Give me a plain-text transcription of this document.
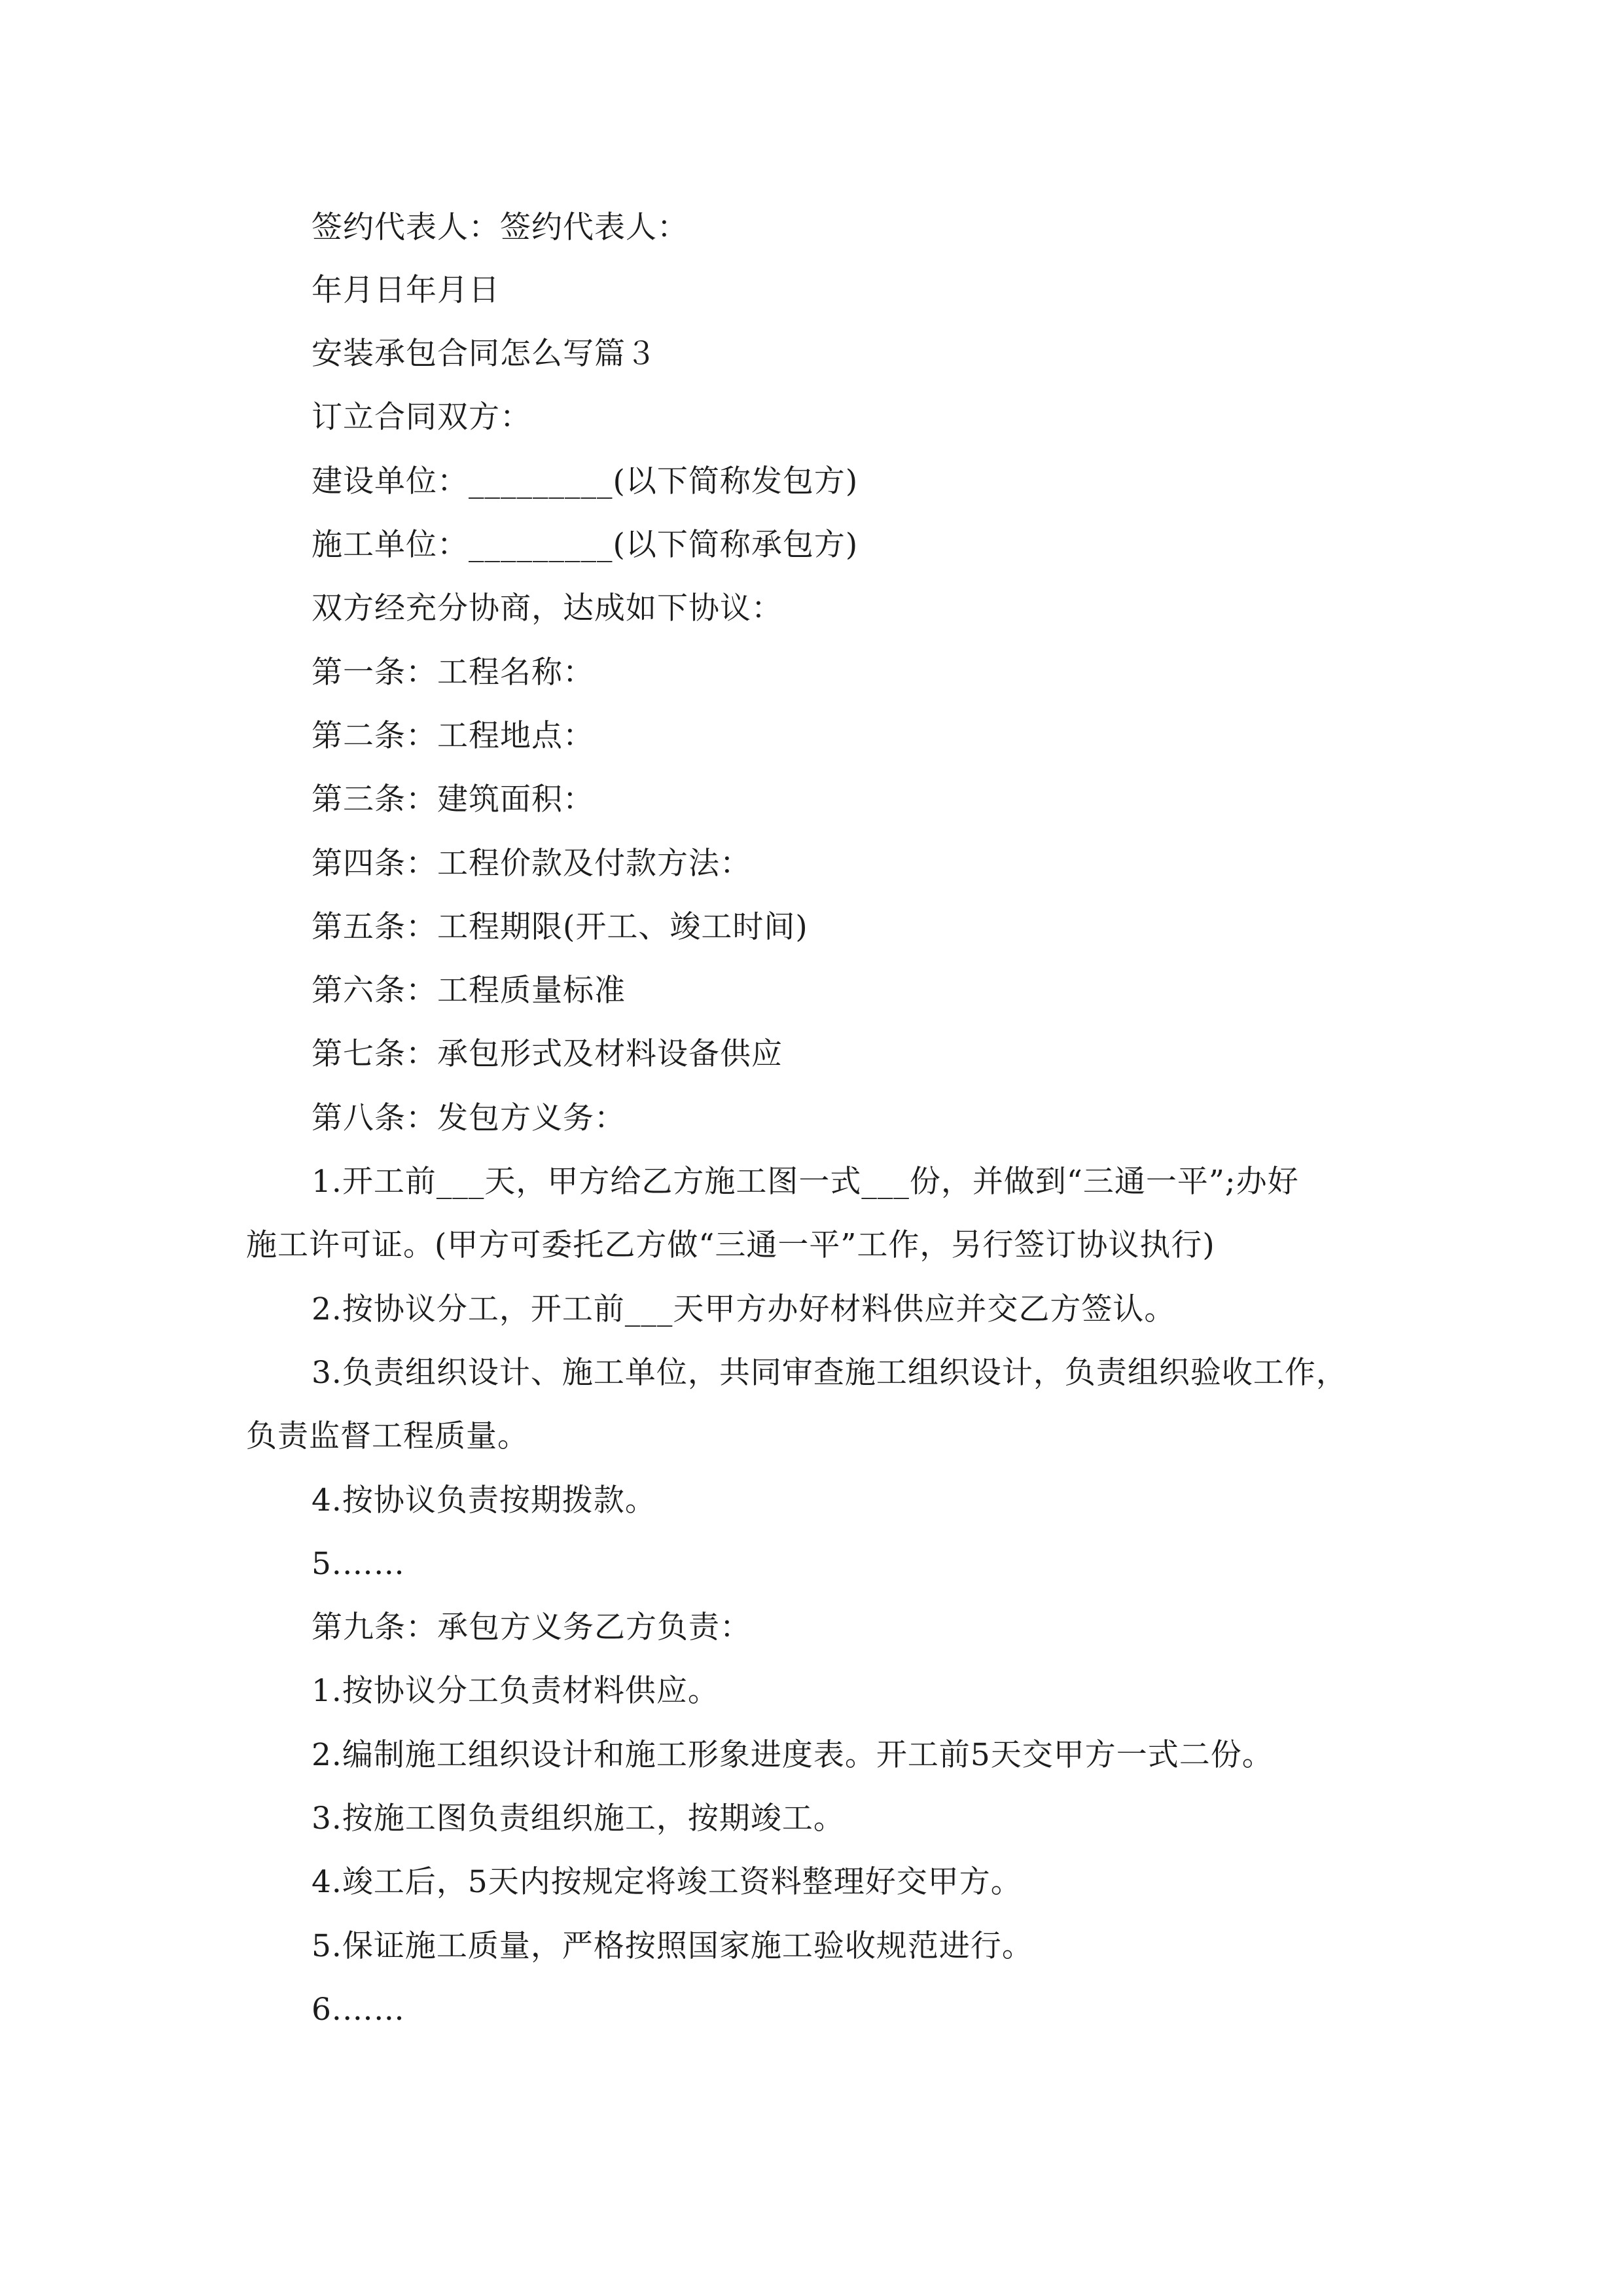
签约代表人：签约代表人：
年月日年月日
安装承包合同怎么写篇３
订立合同双方：
建设单位：_________(以下简称发包方)
施工单位：_________(以下简称承包方)
双方经充分协商，达成如下协议：
第一条：工程名称：
第二条：工程地点：
第三条：建筑面积：
第四条：工程价款及付款方法：
第五条：工程期限(开工、竣工时间)
第六条：工程质量标准
第七条：承包形式及材料设备供应
第八条：发包方义务：
1.开工前___天，甲方给乙方施工图一式___份，并做到“三通一平”;办好
施工许可证。(甲方可委托乙方做“三通一平”工作，另行签订协议执行)
2.按协议分工，开工前___天甲方办好材料供应并交乙方签认。
3.负责组织设计、施工单位，共同审查施工组织设计，负责组织验收工作，
负责监督工程质量。
4.按协议负责按期拨款。
5.……
第九条：承包方义务乙方负责：
1.按协议分工负责材料供应。
2.编制施工组织设计和施工形象进度表。开工前5天交甲方一式二份。
3.按施工图负责组织施工，按期竣工。
4.竣工后，5天内按规定将竣工资料整理好交甲方。
5.保证施工质量，严格按照国家施工验收规范进行。
6.……
